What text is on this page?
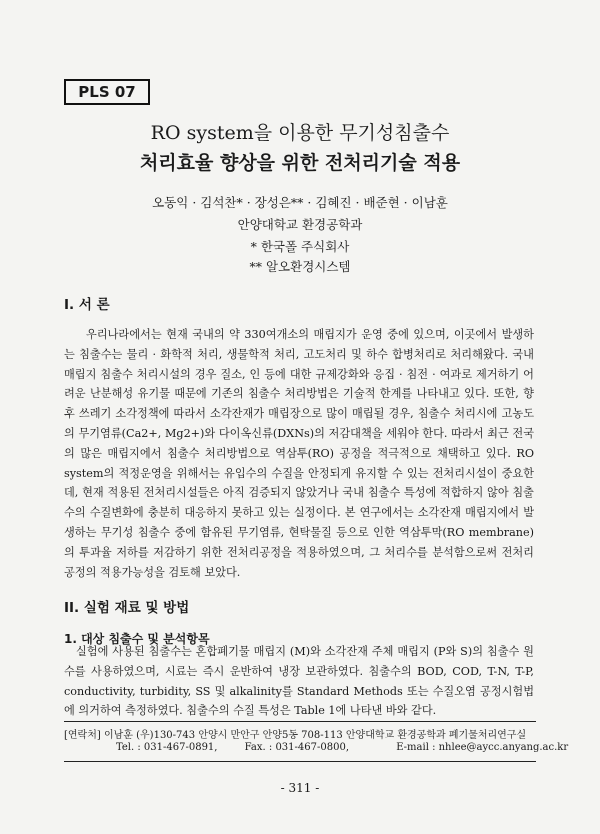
PLS 07
RO system을 이용한 무기성침출수
처리효율 향상을 위한 전처리기술 적용
오동익 · 김석찬* · 장성은** · 김혜진 · 배준현 · 이남훈
안양대학교 환경공학과
* 한국폴 주식회사
** 알오환경시스템
I. 서 론
우리나라에서는 현재 국내의 약 330여개소의 매립지가 운영 중에 있으며, 이곳에서 발생하는 침출수는 물리 · 화학적 처리, 생물학적 처리, 고도처리 및 하수 합병처리로 처리해왔다. 국내 매립지 침출수 처리시설의 경우 질소, 인 등에 대한 규제강화와 응집 · 침전 · 여과로 제거하기 어려운 난분해성 유기물 때문에 기존의 침출수 처리방법은 기술적 한계를 나타내고 있다. 또한, 향후 쓰레기 소각정책에 따라서 소각잔재가 매립장으로 많이 매립될 경우, 침출수 처리시에 고농도의 무기염류(Ca2+, Mg2+)와 다이옥신류(DXNs)의 저감대책을 세워야 한다. 따라서 최근 전국의 많은 매립지에서 침출수 처리방법으로 역삼투(RO) 공정을 적극적으로 채택하고 있다. RO system의 적정운영을 위해서는 유입수의 수질을 안정되게 유지할 수 있는 전처리시설이 중요한데, 현재 적용된 전처리시설들은 아직 검증되지 않았거나 국내 침출수 특성에 적합하지 않아 침출수의 수질변화에 충분히 대응하지 못하고 있는 실정이다. 본 연구에서는 소각잔재 매립지에서 발생하는 무기성 침출수 중에 함유된 무기염류, 현탁물질 등으로 인한 역삼투막(RO membrane)의 투과율 저하를 저감하기 위한 전처리공정을 적용하였으며, 그 처리수를 분석함으로써 전처리공정의 적용가능성을 검토해 보았다.
II. 실험 재료 및 방법
1. 대상 침출수 및 분석항목
실험에 사용된 침출수는 혼합폐기물 매립지 (M)와 소각잔재 주체 매립지 (P와 S)의 침출수 원수를 사용하였으며, 시료는 즉시 운반하여 냉장 보관하였다. 침출수의 BOD, COD, T-N, T-P, conductivity, turbidity, SS 및 alkalinity를 Standard Methods 또는 수질오염 공정시험법에 의거하여 측정하였다. 침출수의 수질 특성은 Table 1에 나타낸 바와 같다.
[연락처] 이남훈 (우)130-743 안양시 만안구 안양5동 708-113 안양대학교 환경공학과 폐기물처리연구실
Tel. : 031-467-0891,	Fax. : 031-467-0800,	E-mail : nhlee@aycc.anyang.ac.kr
- 311 -
